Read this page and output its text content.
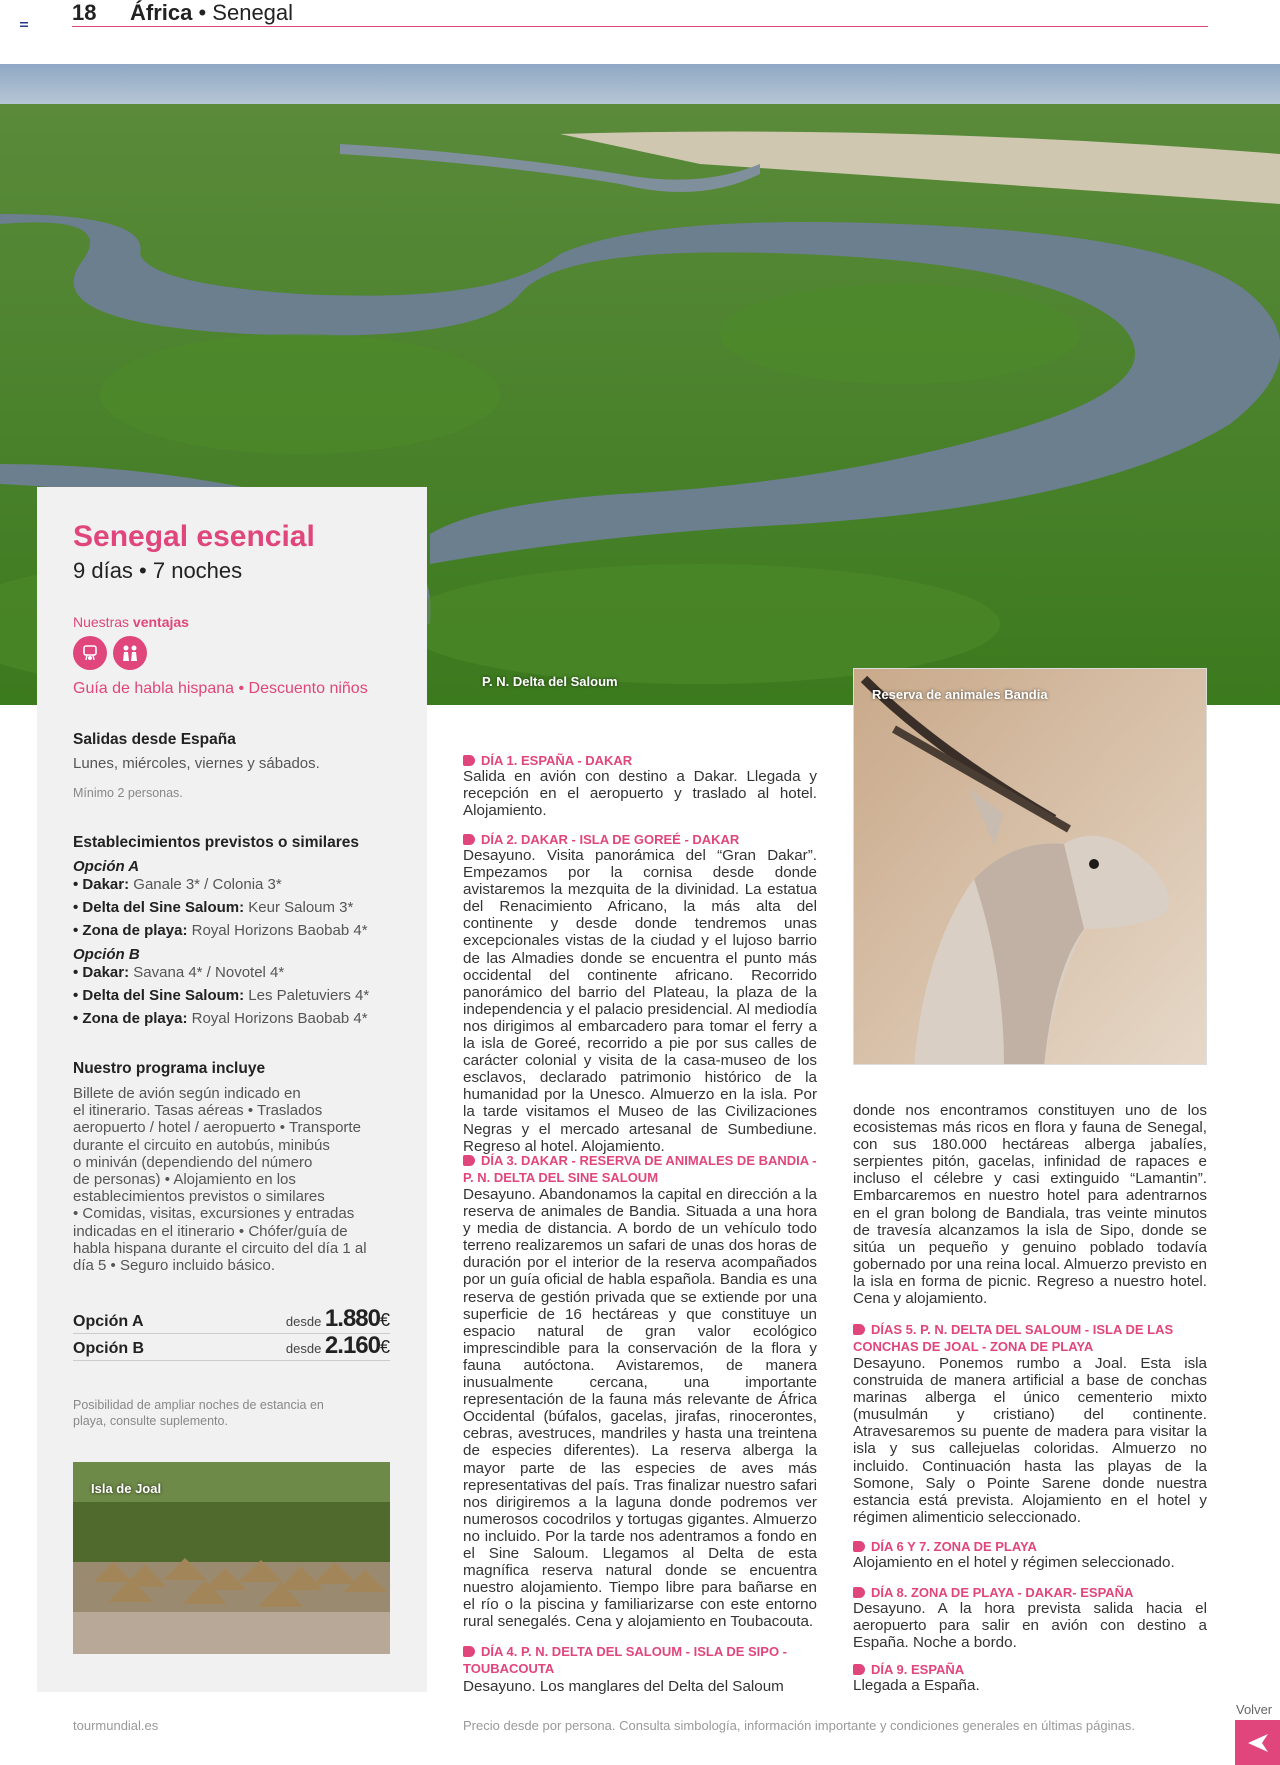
18 África • Senegal
P. N. Delta del Saloum
Senegal esencial
9 días • 7 noches
Nuestras ventajas
Guía de habla hispana • Descuento niños
Salidas desde España
Lunes, miércoles, viernes y sábados.
Mínimo 2 personas.
Establecimientos previstos o similares
Opción A
• Dakar: Ganale 3* / Colonia 3*
• Delta del Sine Saloum: Keur Saloum 3*
• Zona de playa: Royal Horizons Baobab 4*
Opción B
• Dakar: Savana 4* / Novotel 4*
• Delta del Sine Saloum: Les Paletuviers 4*
• Zona de playa: Royal Horizons Baobab 4*
Nuestro programa incluye
Billete de avión según indicado en
el itinerario. Tasas aéreas • Traslados
aeropuerto / hotel / aeropuerto • Transporte
durante el circuito en autobús, minibús
o miniván (dependiendo del número
de personas) • Alojamiento en los
establecimientos previstos o similares
• Comidas, visitas, excursiones y entradas
indicadas en el itinerario • Chófer/guía de
habla hispana durante el circuito del día 1 al
día 5 • Seguro incluido básico.
Opción A	desde 1.880€
Opción B	desde 2.160€
Posibilidad de ampliar noches de estancia en
playa, consulte suplemento.
Isla de Joal
DÍA 1. ESPAÑA - DAKAR
Salida en avión con destino a Dakar. Llegada y recepción en el aeropuerto y traslado al hotel. Alojamiento.
DÍA 2. DAKAR - ISLA DE GOREÉ - DAKAR
Desayuno. Visita panorámica del “Gran Dakar”. Empezamos por la cornisa desde donde avistaremos la mezquita de la divinidad. La estatua del Renacimiento Africano, la más alta del continente y desde donde tendremos unas excepcionales vistas de la ciudad y el lujoso barrio de las Almadies donde se encuentra el punto más occidental del continente africano. Recorrido panorámico del barrio del Plateau, la plaza de la independencia y el palacio presidencial. Al mediodía nos dirigimos al embarcadero para tomar el ferry a la isla de Goreé, recorrido a pie por sus calles de carácter colonial y visita de la casa-museo de los esclavos, declarado patrimonio histórico de la humanidad por la Unesco. Almuerzo en la isla. Por la tarde visitamos el Museo de las Civilizaciones Negras y el mercado artesanal de Sumbediune. Regreso al hotel. Alojamiento.
DÍA 3. DAKAR - RESERVA DE ANIMALES DE BANDIA - P. N. DELTA DEL SINE SALOUM
Desayuno. Abandonamos la capital en dirección a la reserva de animales de Bandia. Situada a una hora y media de distancia. A bordo de un vehículo todo terreno realizaremos un safari de unas dos horas de duración por el interior de la reserva acompañados por un guía oficial de habla española. Bandia es una reserva de gestión privada que se extiende por una superficie de 16 hectáreas y que constituye un espacio natural de gran valor ecológico imprescindible para la conservación de la flora y fauna autóctona. Avistaremos, de manera inusualmente cercana, una importante representación de la fauna más relevante de África Occidental (búfalos, gacelas, jirafas, rinocerontes, cebras, avestruces, mandriles y hasta una treintena de especies diferentes). La reserva alberga la mayor parte de las especies de aves más representativas del país. Tras finalizar nuestro safari nos dirigiremos a la laguna donde podremos ver numerosos cocodrilos y tortugas gigantes. Almuerzo no incluido. Por la tarde nos adentramos a fondo en el Sine Saloum. Llegamos al Delta de esta magnífica reserva natural donde se encuentra nuestro alojamiento. Tiempo libre para bañarse en el río o la piscina y familiarizarse con este entorno rural senegalés. Cena y alojamiento en Toubacouta.
DÍA 4. P. N. DELTA DEL SALOUM - ISLA DE SIPO - TOUBACOUTA
Desayuno. Los manglares del Delta del Saloum
Reserva de animales Bandia
donde nos encontramos constituyen uno de los ecosistemas más ricos en flora y fauna de Senegal, con sus 180.000 hectáreas alberga jabalíes, serpientes pitón, gacelas, infinidad de rapaces e incluso el célebre y casi extinguido “Lamantin”. Embarcaremos en nuestro hotel para adentrarnos en el gran bolong de Bandiala, tras veinte minutos de travesía alcanzamos la isla de Sipo, donde se sitúa un pequeño y genuino poblado todavía gobernado por una reina local. Almuerzo previsto en la isla en forma de picnic. Regreso a nuestro hotel. Cena y alojamiento.
DÍAS 5. P. N. DELTA DEL SALOUM - ISLA DE LAS CONCHAS DE JOAL - ZONA DE PLAYA
Desayuno. Ponemos rumbo a Joal. Esta isla construida de manera artificial a base de conchas marinas alberga el único cementerio mixto (musulmán y cristiano) del continente. Atravesaremos su puente de madera para visitar la isla y sus callejuelas coloridas. Almuerzo no incluido. Continuación hasta las playas de la Somone, Saly o Pointe Sarene donde nuestra estancia está prevista. Alojamiento en el hotel y régimen alimenticio seleccionado.
DÍA 6 Y 7. ZONA DE PLAYA
Alojamiento en el hotel y régimen seleccionado.
DÍA 8. ZONA DE PLAYA - DAKAR- ESPAÑA
Desayuno. A la hora prevista salida hacia el aeropuerto para salir en avión con destino a España. Noche a bordo.
DÍA 9. ESPAÑA
Llegada a España.
tourmundial.es	Precio desde por persona. Consulta simbología, información importante y condiciones generales en últimas páginas.
Volver
